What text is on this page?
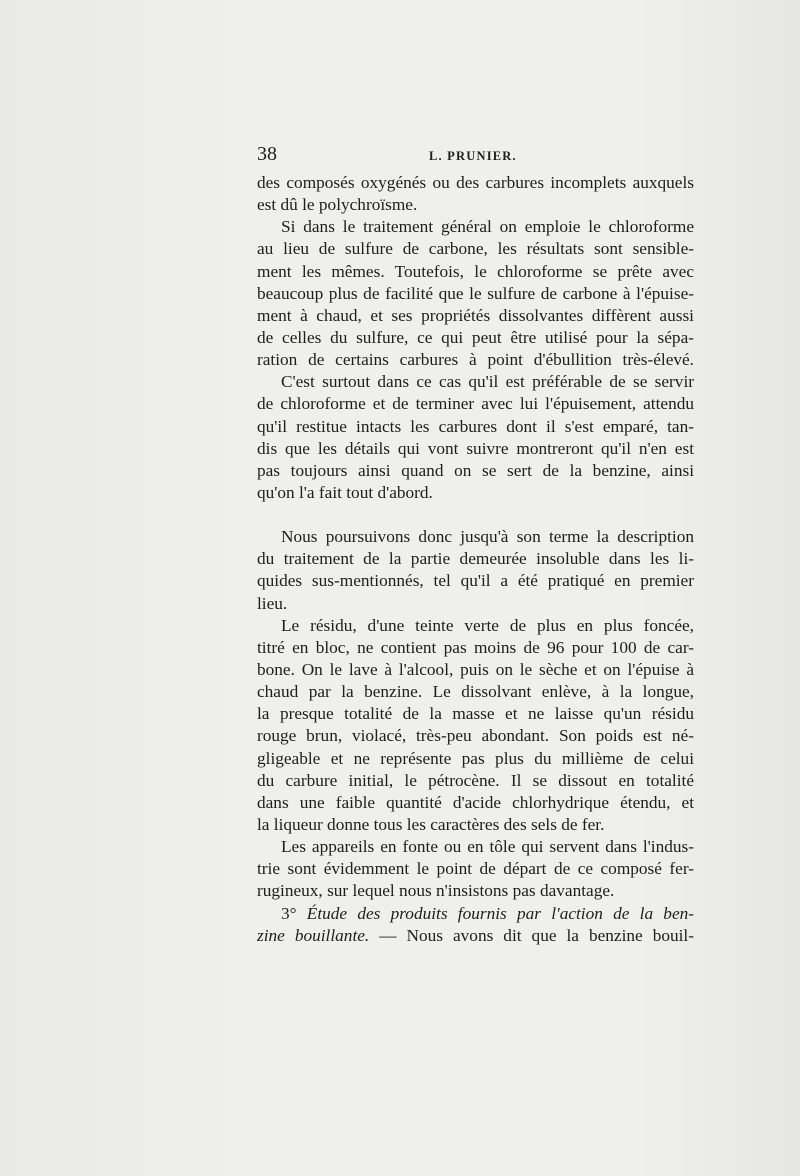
38	L. PRUNIER.
des composés oxygénés ou des carbures incomplets auxquels
est dû le polychroïsme.
Si dans le traitement général on emploie le chloroforme
au lieu de sulfure de carbone, les résultats sont sensible-
ment les mêmes. Toutefois, le chloroforme se prête avec
beaucoup plus de facilité que le sulfure de carbone à l'épuise-
ment à chaud, et ses propriétés dissolvantes diffèrent aussi
de celles du sulfure, ce qui peut être utilisé pour la sépa-
ration de certains carbures à point d'ébullition très-élevé.
C'est surtout dans ce cas qu'il est préférable de se servir
de chloroforme et de terminer avec lui l'épuisement, attendu
qu'il restitue intacts les carbures dont il s'est emparé, tan-
dis que les détails qui vont suivre montreront qu'il n'en est
pas toujours ainsi quand on se sert de la benzine, ainsi
qu'on l'a fait tout d'abord.
Nous poursuivons donc jusqu'à son terme la description
du traitement de la partie demeurée insoluble dans les li-
quides sus-mentionnés, tel qu'il a été pratiqué en premier
lieu.
Le résidu, d'une teinte verte de plus en plus foncée,
titré en bloc, ne contient pas moins de 96 pour 100 de car-
bone. On le lave à l'alcool, puis on le sèche et on l'épuise à
chaud par la benzine. Le dissolvant enlève, à la longue,
la presque totalité de la masse et ne laisse qu'un résidu
rouge brun, violacé, très-peu abondant. Son poids est né-
gligeable et ne représente pas plus du millième de celui
du carbure initial, le pétrocène. Il se dissout en totalité
dans une faible quantité d'acide chlorhydrique étendu, et
la liqueur donne tous les caractères des sels de fer.
Les appareils en fonte ou en tôle qui servent dans l'indus-
trie sont évidemment le point de départ de ce composé fer-
rugineux, sur lequel nous n'insistons pas davantage.
3° Étude des produits fournis par l'action de la ben-
zine bouillante. — Nous avons dit que la benzine bouil-
